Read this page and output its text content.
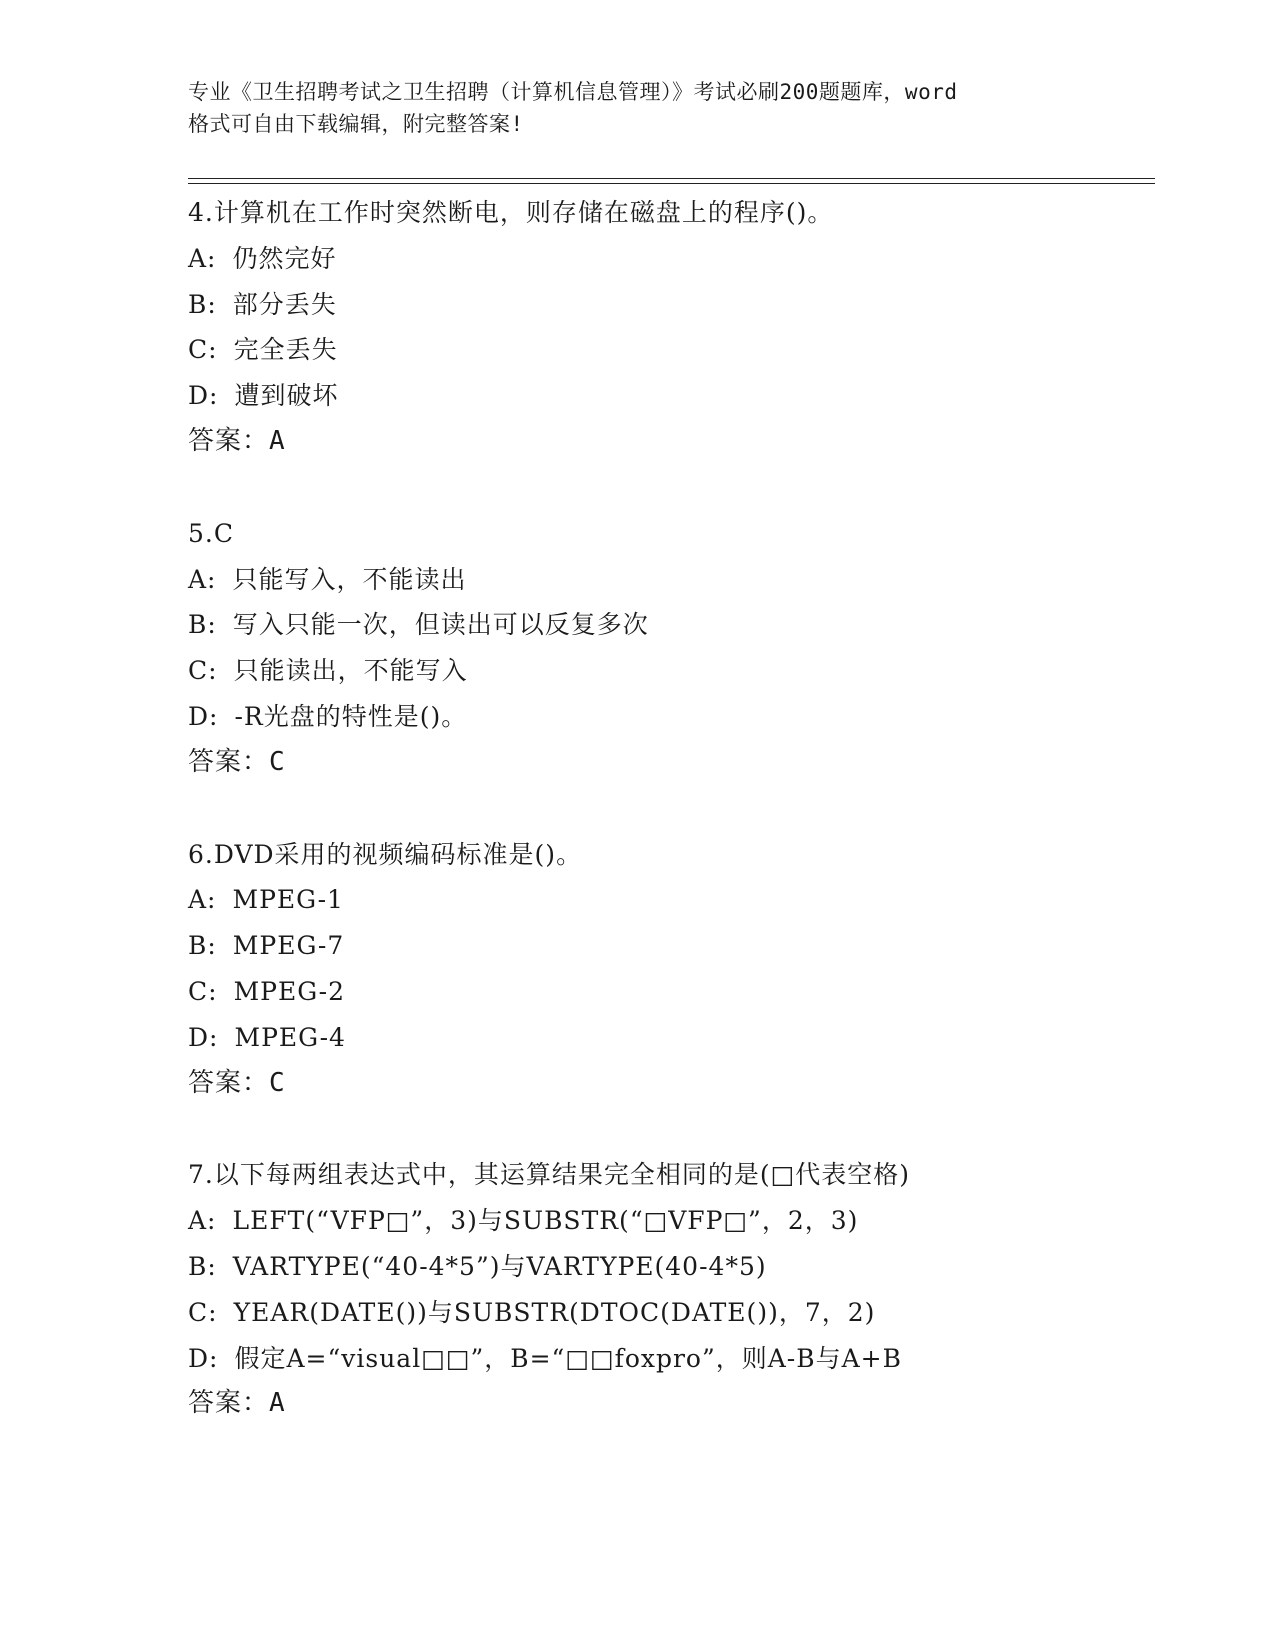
专业《卫生招聘考试之卫生招聘（计算机信息管理）》考试必刷200题题库，word
格式可自由下载编辑，附完整答案!
4.计算机在工作时突然断电，则存储在磁盘上的程序()。
A: 仍然完好
B: 部分丢失
C: 完全丢失
D: 遭到破坏
答案：A
5.C
A: 只能写入，不能读出
B: 写入只能一次，但读出可以反复多次
C: 只能读出，不能写入
D: -R光盘的特性是()。
答案：C
6.DVD采用的视频编码标准是()。
A: MPEG-1
B: MPEG-7
C: MPEG-2
D: MPEG-4
答案：C
7.以下每两组表达式中，其运算结果完全相同的是(□代表空格)
A: LEFT(“VFP□”，3)与SUBSTR(“□VFP□”，2，3)
B: VARTYPE(“40-4*5”)与VARTYPE(40-4*5)
C: YEAR(DATE())与SUBSTR(DTOC(DATE())，7，2)
D: 假定A=“visual□□”，B=“□□foxpro”，则A-B与A+B
答案：A
